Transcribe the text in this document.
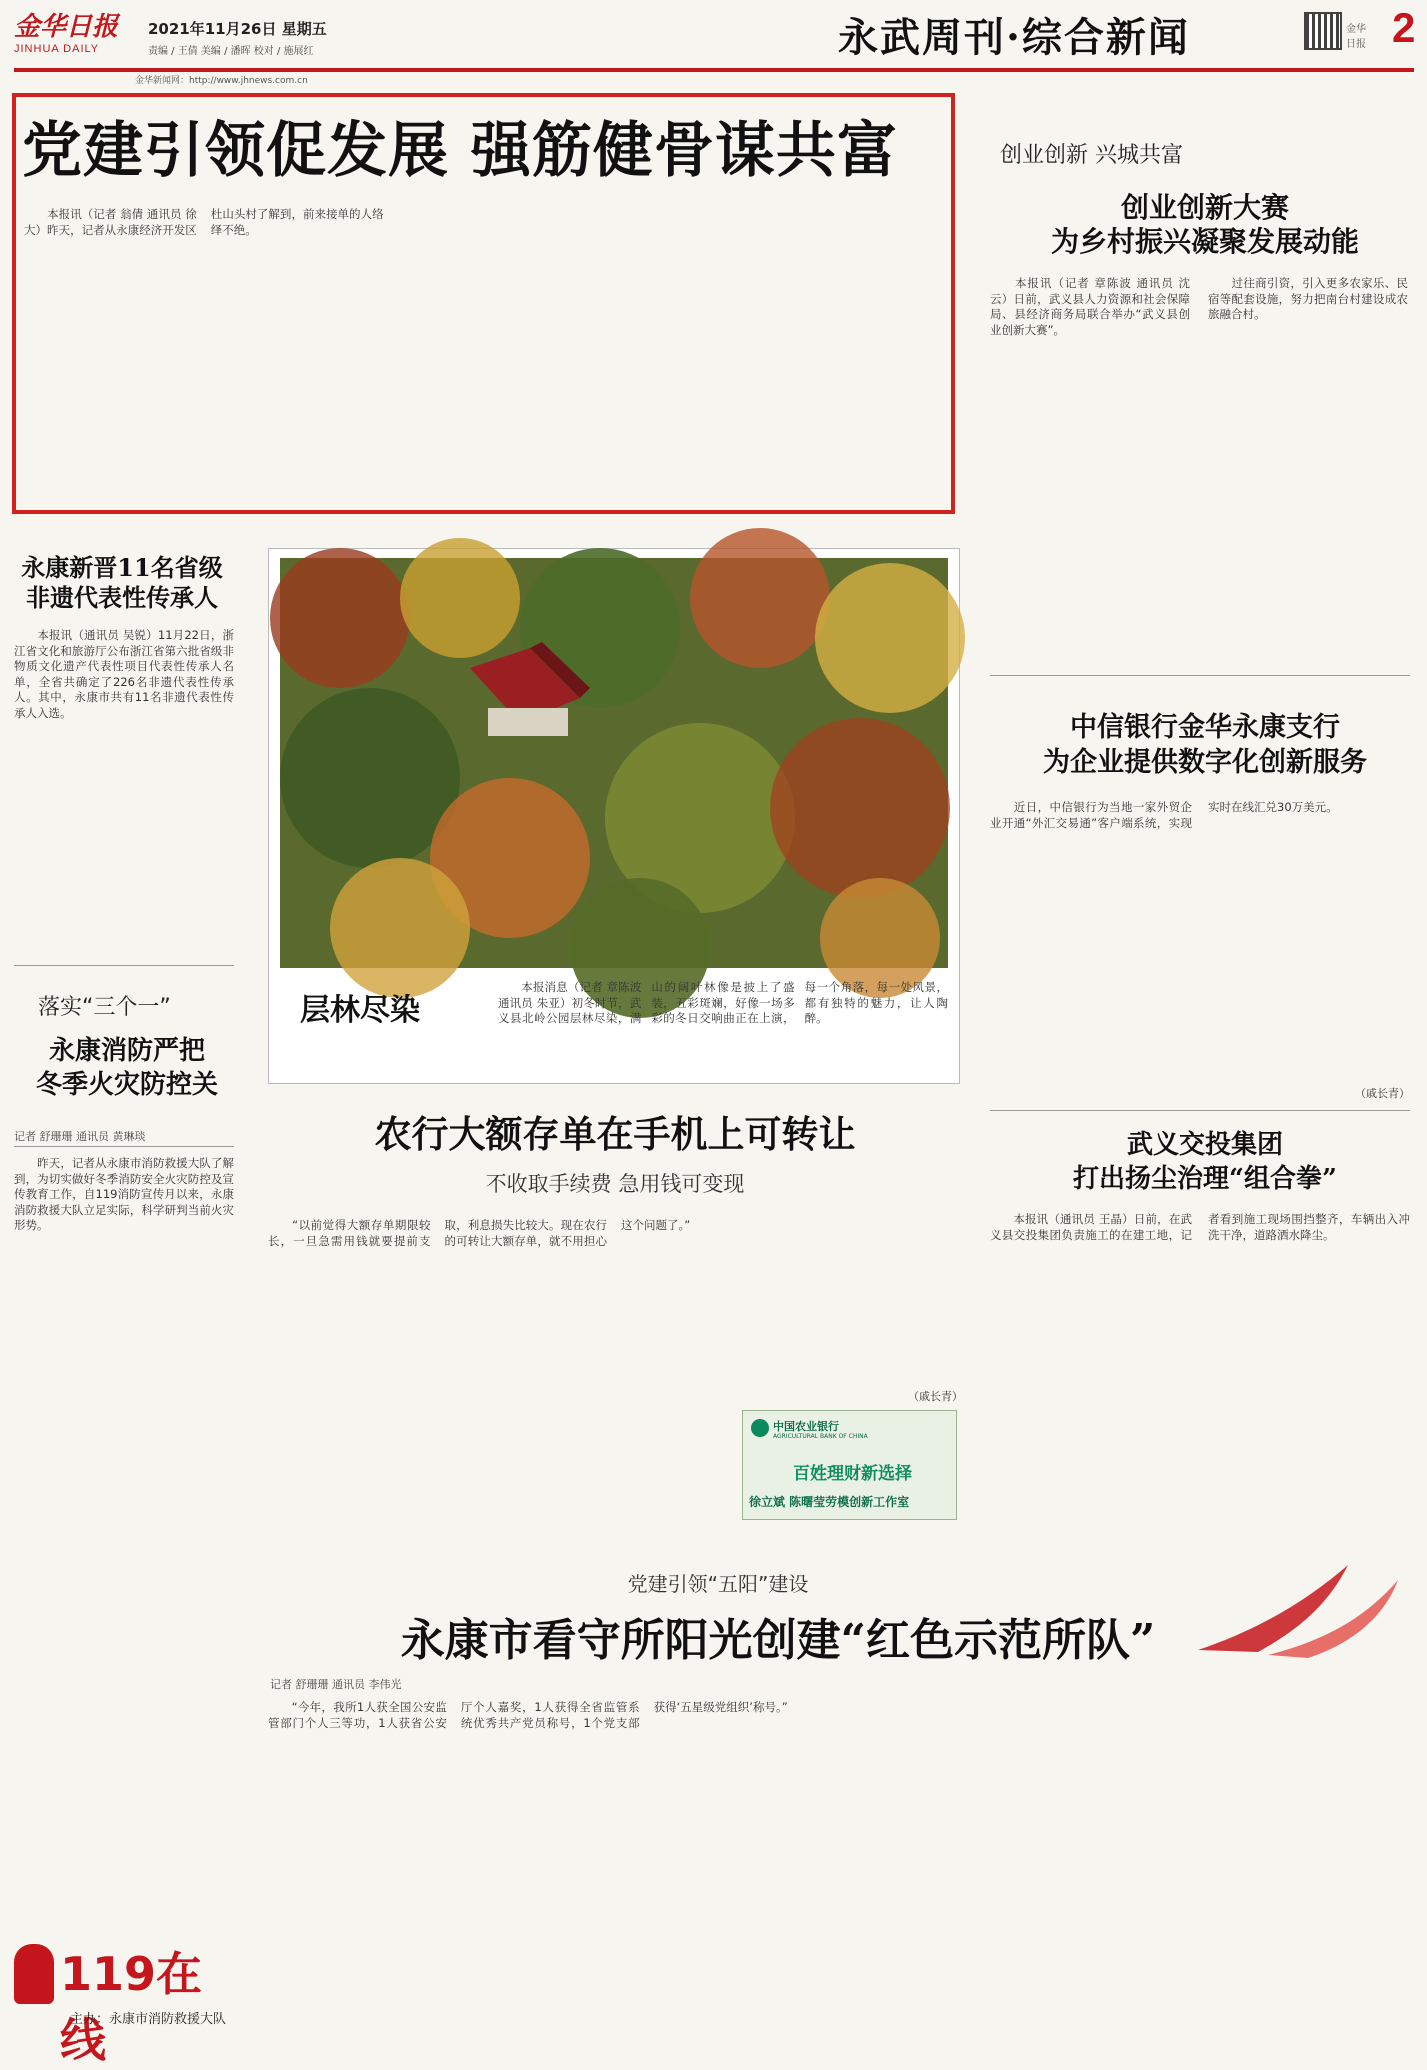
金华日报
JINHUA DAILY
2021年11月26日 星期五
责编 / 王倩 美编 / 潘晖 校对 / 施展红	永武周刊·综合新闻	金华日报 2
金华新闻网：http://www.jhnews.com.cn
党建引领促发展 强筋健骨谋共富
　　本报讯（记者 翁倩 通讯员 徐大）昨天，记者从永康经济开发区杜山头村了解到，前来接单的人络绎不绝。
创业创新 兴城共富
创业创新大赛
为乡村振兴凝聚发展动能
　　本报讯（记者 章陈波 通讯员 沈 云）日前，武义县人力资源和社会保障局、县经济商务局联合举办“武义县创业创新大赛”。
　　过往商引资，引入更多农家乐、民宿等配套设施，努力把南台村建设成农旅融合村。
永康新晋11名省级
非遗代表性传承人
　　本报讯（通讯员 吴锐）11月22日，浙江省文化和旅游厅公布浙江省第六批省级非物质文化遗产代表性项目代表性传承人名单，全省共确定了226名非遗代表性传承人。其中，永康市共有11名非遗代表性传承人入选。
层林尽染
　　本报消息（记者 章陈波 通讯员 朱亚）初冬时节，武义县北岭公园层林尽染，满山的阔叶林像是披上了盛装，五彩斑斓，好像一场多彩的冬日交响曲正在上演，每一个角落，每一处风景，都有独特的魅力，让人陶醉。
中信银行金华永康支行
为企业提供数字化创新服务
　　近日，中信银行为当地一家外贸企业开通“外汇交易通”客户端系统，实现实时在线汇兑30万美元。
（戚长青）
落实“三个一”
永康消防严把
冬季火灾防控关
记者 舒珊珊 通讯员 黄琳琰
　　昨天，记者从永康市消防救援大队了解到，为切实做好冬季消防安全火灾防控及宣传教育工作，自119消防宣传月以来，永康消防救援大队立足实际，科学研判当前火灾形势。
农行大额存单在手机上可转让
不收取手续费 急用钱可变现
　　“以前觉得大额存单期限较长，一旦急需用钱就要提前支取，利息损失比较大。现在农行的可转让大额存单，就不用担心这个问题了。”
（戚长青）
中国农业银行
AGRICULTURAL BANK OF CHINA
百姓理财新选择
徐立斌 陈曙莹劳模创新工作室
武义交投集团
打出扬尘治理“组合拳”
　　本报讯（通讯员 王晶）日前，在武义县交投集团负责施工的在建工地，记者看到施工现场围挡整齐，车辆出入冲洗干净，道路洒水降尘。
党建引领“五阳”建设
永康市看守所阳光创建“红色示范所队”
记者 舒珊珊 通讯员 李伟光
　　“今年，我所1人获全国公安监管部门个人三等功，1人获省公安厅个人嘉奖，1人获得全省监管系统优秀共产党员称号，1个党支部获得‘五星级党组织’称号。”
119在线
主办：永康市消防救援大队
